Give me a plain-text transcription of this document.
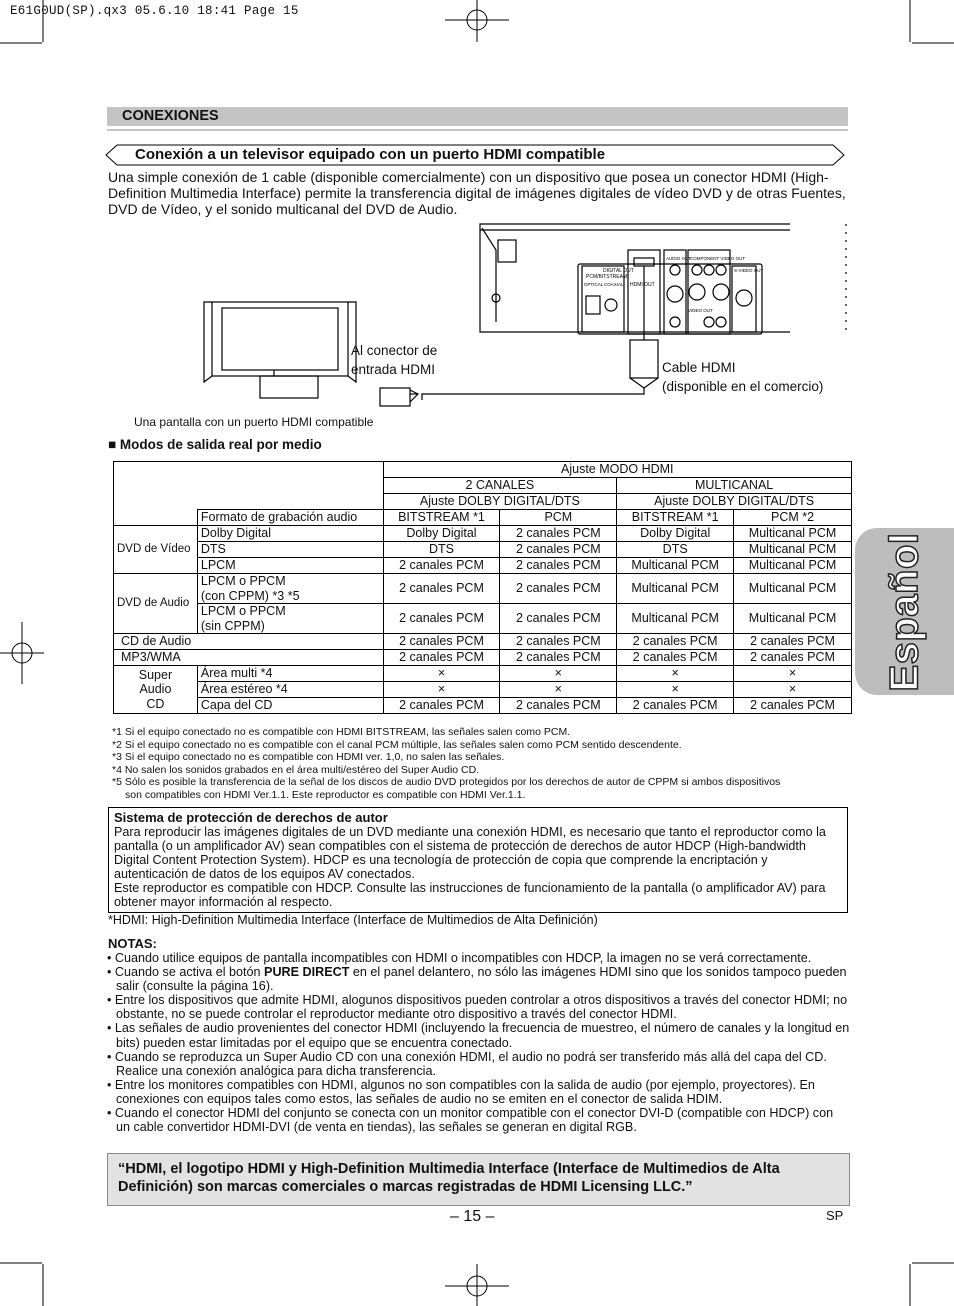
E61G0UD(SP).qx3 05.6.10 18:41 Page 15
CONEXIONES
Español
Conexión a un televisor equipado con un puerto HDMI compatible
Una simple conexión de 1 cable (disponible comercialmente) con un dispositivo que posea un conector HDMI (High-Definition Multimedia Interface) permite la transferencia digital de imágenes digitales de vídeo DVD y de otras Fuentes, DVD de Vídeo, y el sonido multicanal del DVD de Audio.
DIGITAL OUT
PCM/BITSTREAM
OPTICAL COAXIAL HDMI OUT
AUDIO OUT
COMPONENT VIDEO OUT
S-VIDEO OUT
VIDEO OUT
Al conector de
entrada HDMI	Cable HDMI
(disponible en el comercio)
Una pantalla con un puerto HDMI compatible
■ Modos de salida real por medio
		Ajuste MODO HDMI			
		2 CANALES		MULTICANAL	
		Ajuste DOLBY DIGITAL/DTS		Ajuste DOLBY DIGITAL/DTS	
	Formato de grabación audio	BITSTREAM *1	PCM	BITSTREAM *1	PCM *2
DVD de Vídeo	Dolby Digital	Dolby Digital	2 canales PCM	Dolby Digital	Multicanal PCM
	DTS	DTS	2 canales PCM	DTS	Multicanal PCM
	LPCM	2 canales PCM	2 canales PCM	Multicanal PCM	Multicanal PCM
DVD de Audio	LPCM o PPCM
(con CPPM) *3 *5	2 canales PCM	2 canales PCM	Multicanal PCM	Multicanal PCM

	LPCM o PPCM
(sin CPPM)	2 canales PCM	2 canales PCM	Multicanal PCM	Multicanal PCM
CD de Audio		2 canales PCM	2 canales PCM	2 canales PCM	2 canales PCM
MP3/WMA		2 canales PCM	2 canales PCM	2 canales PCM	2 canales PCM

Super
Audio
CD	Área multi *4	×	×	×	×
	Área estéreo *4	×	×	×	×
	Capa del CD	2 canales PCM	2 canales PCM	2 canales PCM	2 canales PCM
*1 Si el equipo conectado no es compatible con HDMI BITSTREAM, las señales salen como PCM.
*2 Si el equipo conectado no es compatible con el canal PCM múltiple, las señales salen como PCM sentido descendente.
*3 Si el equipo conectado no es compatible con HDMI ver. 1,0, no salen las señales.
*4 No salen los sonidos grabados en el área multi/estéreo del Super Audio CD.
*5 Sólo es posible la transferencia de la señal de los discos de audio DVD protegidos por los derechos de autor de CPPM si ambos dispositivos
son compatibles con HDMI Ver.1.1. Este reproductor es compatible con HDMI Ver.1.1.
Sistema de protección de derechos de autor
Para reproducir las imágenes digitales de un DVD mediante una conexión HDMI, es necesario que tanto el reproductor como la pantalla (o un amplificador AV) sean compatibles con el sistema de protección de derechos de autor HDCP (High-bandwidth Digital Content Protection System). HDCP es una tecnología de protección de copia que comprende la encriptación y autenticación de datos de los equipos AV conectados.
Este reproductor es compatible con HDCP. Consulte las instrucciones de funcionamiento de la pantalla (o amplificador AV) para obtener mayor información al respecto.
*HDMI: High-Definition Multimedia Interface (Interface de Multimedios de Alta Definición)
NOTAS:
• Cuando utilice equipos de pantalla incompatibles con HDMI o incompatibles con HDCP, la imagen no se verá correctamente.
• Cuando se activa el botón PURE DIRECT en el panel delantero, no sólo las imágenes HDMI sino que los sonidos tampoco pueden salir (consulte la página 16).
• Entre los dispositivos que admite HDMI, alogunos dispositivos pueden controlar a otros dispositivos a través del conector HDMI; no obstante, no se puede controlar el reproductor mediante otro dispositivo a través del conector HDMI.
• Las señales de audio provenientes del conector HDMI (incluyendo la frecuencia de muestreo, el número de canales y la longitud en bits) pueden estar limitadas por el equipo que se encuentra conectado.
• Cuando se reproduzca un Super Audio CD con una conexión HDMI, el audio no podrá ser transferido más allá del capa del CD. Realice una conexión analógica para dicha transferencia.
• Entre los monitores compatibles con HDMI, algunos no son compatibles con la salida de audio (por ejemplo, proyectores). En conexiones con equipos tales como estos, las señales de audio no se emiten en el conector de salida HDIM.
• Cuando el conector HDMI del conjunto se conecta con un monitor compatible con el conector DVI-D (compatible con HDCP) con un cable convertidor HDMI-DVI (de venta en tiendas), las señales se generan en digital RGB.
“HDMI, el logotipo HDMI y High-Definition Multimedia Interface (Interface de Multimedios de Alta Definición) son marcas comerciales o marcas registradas de HDMI Licensing LLC.”
– 15 –	SP
